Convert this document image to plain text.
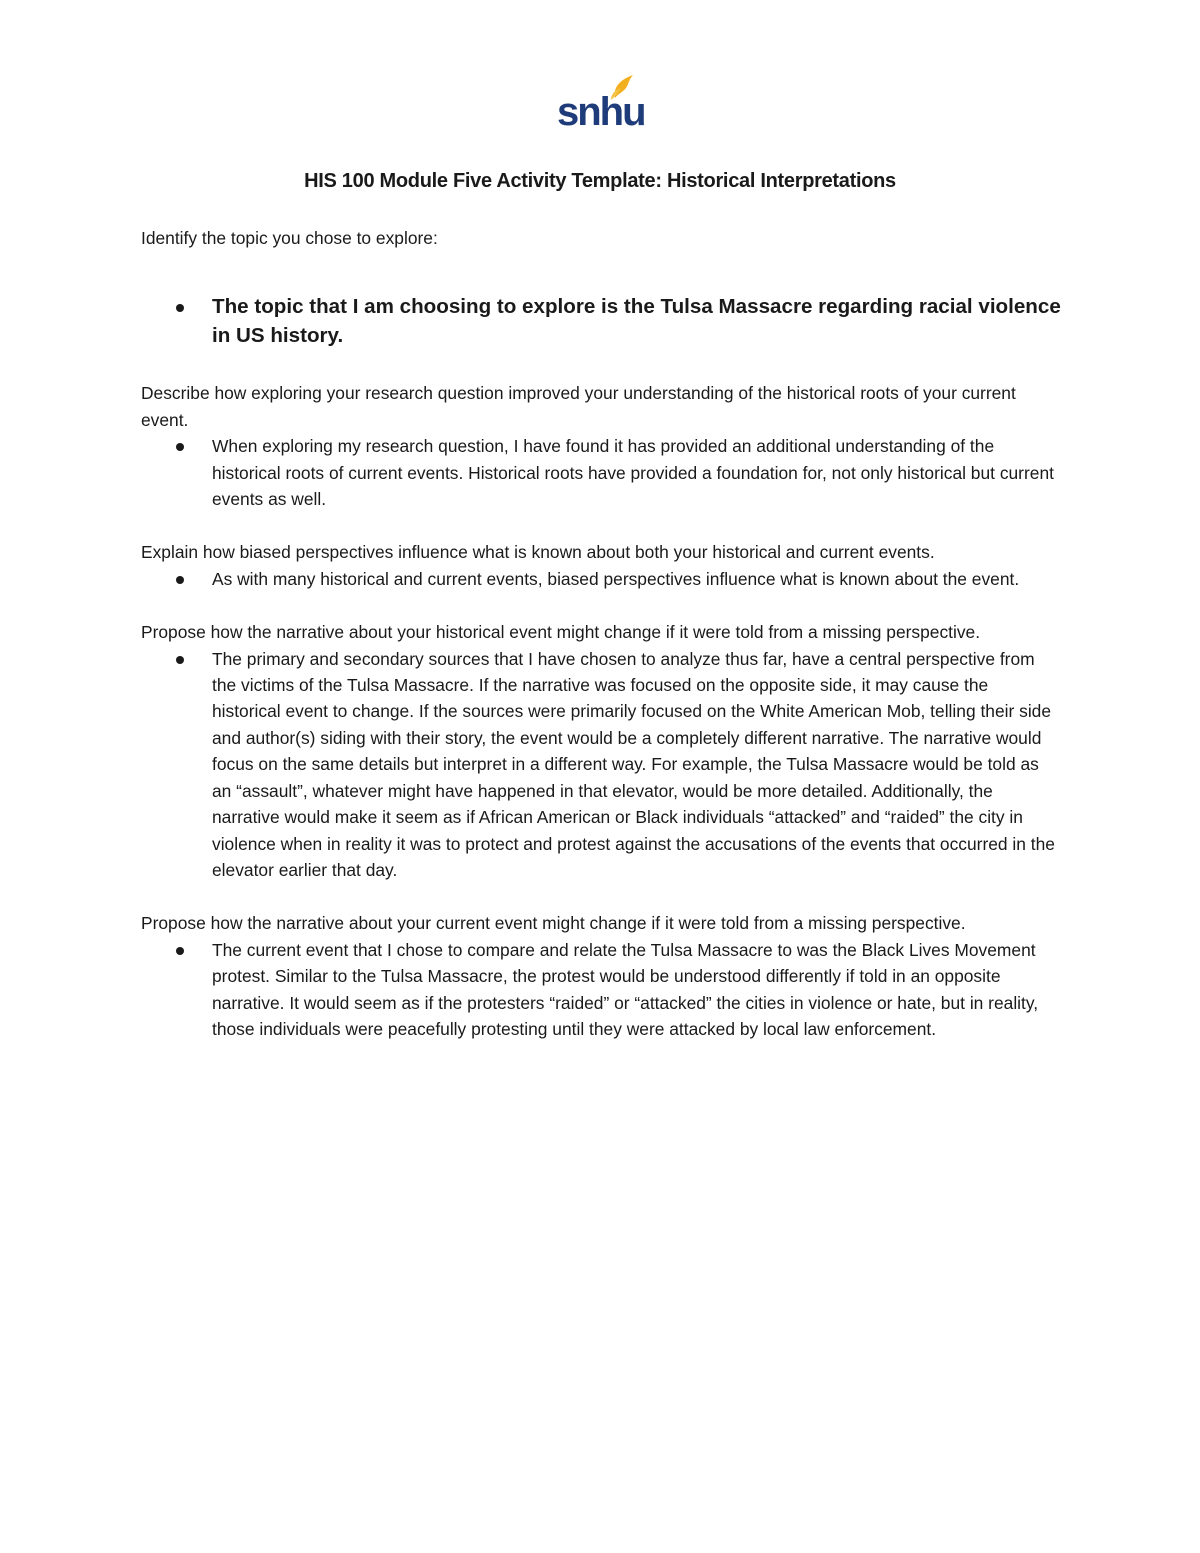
snhu
HIS 100 Module Five Activity Template: Historical Interpretations

Identify the topic you chose to explore:

The topic that I am choosing to explore is the Tulsa Massacre regarding racial violence in US history.

Describe how exploring your research question improved your understanding of the historical roots of your current event.

When exploring my research question, I have found it has provided an additional understanding of the historical roots of current events. Historical roots have provided a foundation for, not only historical but current events as well.

Explain how biased perspectives influence what is known about both your historical and current events.

As with many historical and current events, biased perspectives influence what is known about the event.

Propose how the narrative about your historical event might change if it were told from a missing perspective.

The primary and secondary sources that I have chosen to analyze thus far, have a central perspective from the victims of the Tulsa Massacre. If the narrative was focused on the opposite side, it may cause the historical event to change. If the sources were primarily focused on the White American Mob, telling their side and author(s) siding with their story, the event would be a completely different narrative. The narrative would focus on the same details but interpret in a different way. For example, the Tulsa Massacre would be told as an “assault”, whatever might have happened in that elevator, would be more detailed. Additionally, the narrative would make it seem as if African American or Black individuals “attacked” and “raided” the city in violence when in reality it was to protect and protest against the accusations of the events that occurred in the elevator earlier that day.

Propose how the narrative about your current event might change if it were told from a missing perspective.

The current event that I chose to compare and relate the Tulsa Massacre to was the Black Lives Movement protest. Similar to the Tulsa Massacre, the protest would be understood differently if told in an opposite narrative. It would seem as if the protesters “raided” or “attacked” the cities in violence or hate, but in reality, those individuals were peacefully protesting until they were attacked by local law enforcement.
